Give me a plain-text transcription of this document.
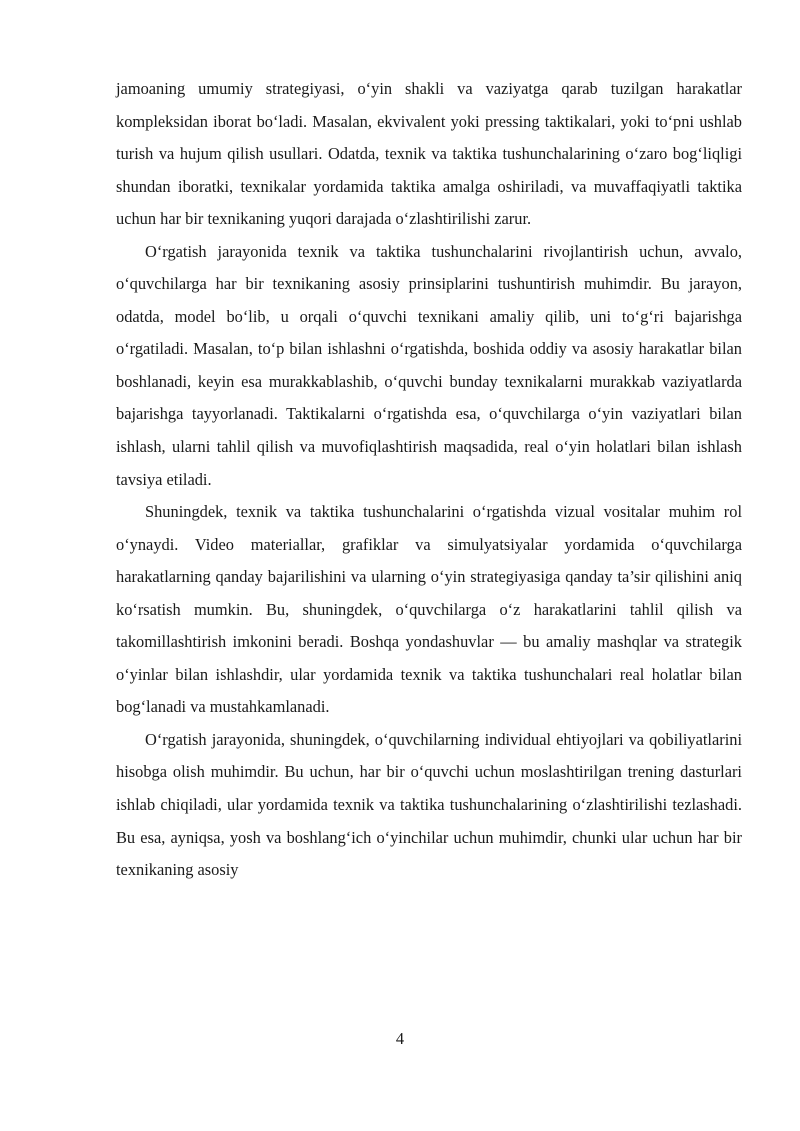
jamoaning umumiy strategiyasi, o‘yin shakli va vaziyatga qarab tuzilgan harakatlar kompleksidan iborat bo‘ladi. Masalan, ekvivalent yoki pressing taktikalari, yoki to‘pni ushlab turish va hujum qilish usullari. Odatda, texnik va taktika tushunchalarining o‘zaro bog‘liqligi shundan iboratki, texnikalar yordamida taktika amalga oshiriladi, va muvaffaqiyatli taktika uchun har bir texnikaning yuqori darajada o‘zlashtirilishi zarur.

O‘rgatish jarayonida texnik va taktika tushunchalarini rivojlantirish uchun, avvalo, o‘quvchilarga har bir texnikaning asosiy prinsiplarini tushuntirish muhimdir. Bu jarayon, odatda, model bo‘lib, u orqali o‘quvchi texnikani amaliy qilib, uni to‘g‘ri bajarishga o‘rgatiladi. Masalan, to‘p bilan ishlashni o‘rgatishda, boshida oddiy va asosiy harakatlar bilan boshlanadi, keyin esa murakkablashib, o‘quvchi bunday texnikalarni murakkab vaziyatlarda bajarishga tayyorlanadi. Taktikalarni o‘rgatishda esa, o‘quvchilarga o‘yin vaziyatlari bilan ishlash, ularni tahlil qilish va muvofiqlashtirish maqsadida, real o‘yin holatlari bilan ishlash tavsiya etiladi.

Shuningdek, texnik va taktika tushunchalarini o‘rgatishda vizual vositalar muhim rol o‘ynaydi. Video materiallar, grafiklar va simulyatsiyalar yordamida o‘quvchilarga harakatlarning qanday bajarilishini va ularning o‘yin strategiyasiga qanday ta’sir qilishini aniq ko‘rsatish mumkin. Bu, shuningdek, o‘quvchilarga o‘z harakatlarini tahlil qilish va takomillashtirish imkonini beradi. Boshqa yondashuvlar — bu amaliy mashqlar va strategik o‘yinlar bilan ishlashdir, ular yordamida texnik va taktika tushunchalari real holatlar bilan bog‘lanadi va mustahkamlanadi.

O‘rgatish jarayonida, shuningdek, o‘quvchilarning individual ehtiyojlari va qobiliyatlarini hisobga olish muhimdir. Bu uchun, har bir o‘quvchi uchun moslashtirilgan trening dasturlari ishlab chiqiladi, ular yordamida texnik va taktika tushunchalarining o‘zlashtirilishi tezlashadi. Bu esa, ayniqsa, yosh va boshlang‘ich o‘yinchilar uchun muhimdir, chunki ular uchun har bir texnikaning asosiy

4
